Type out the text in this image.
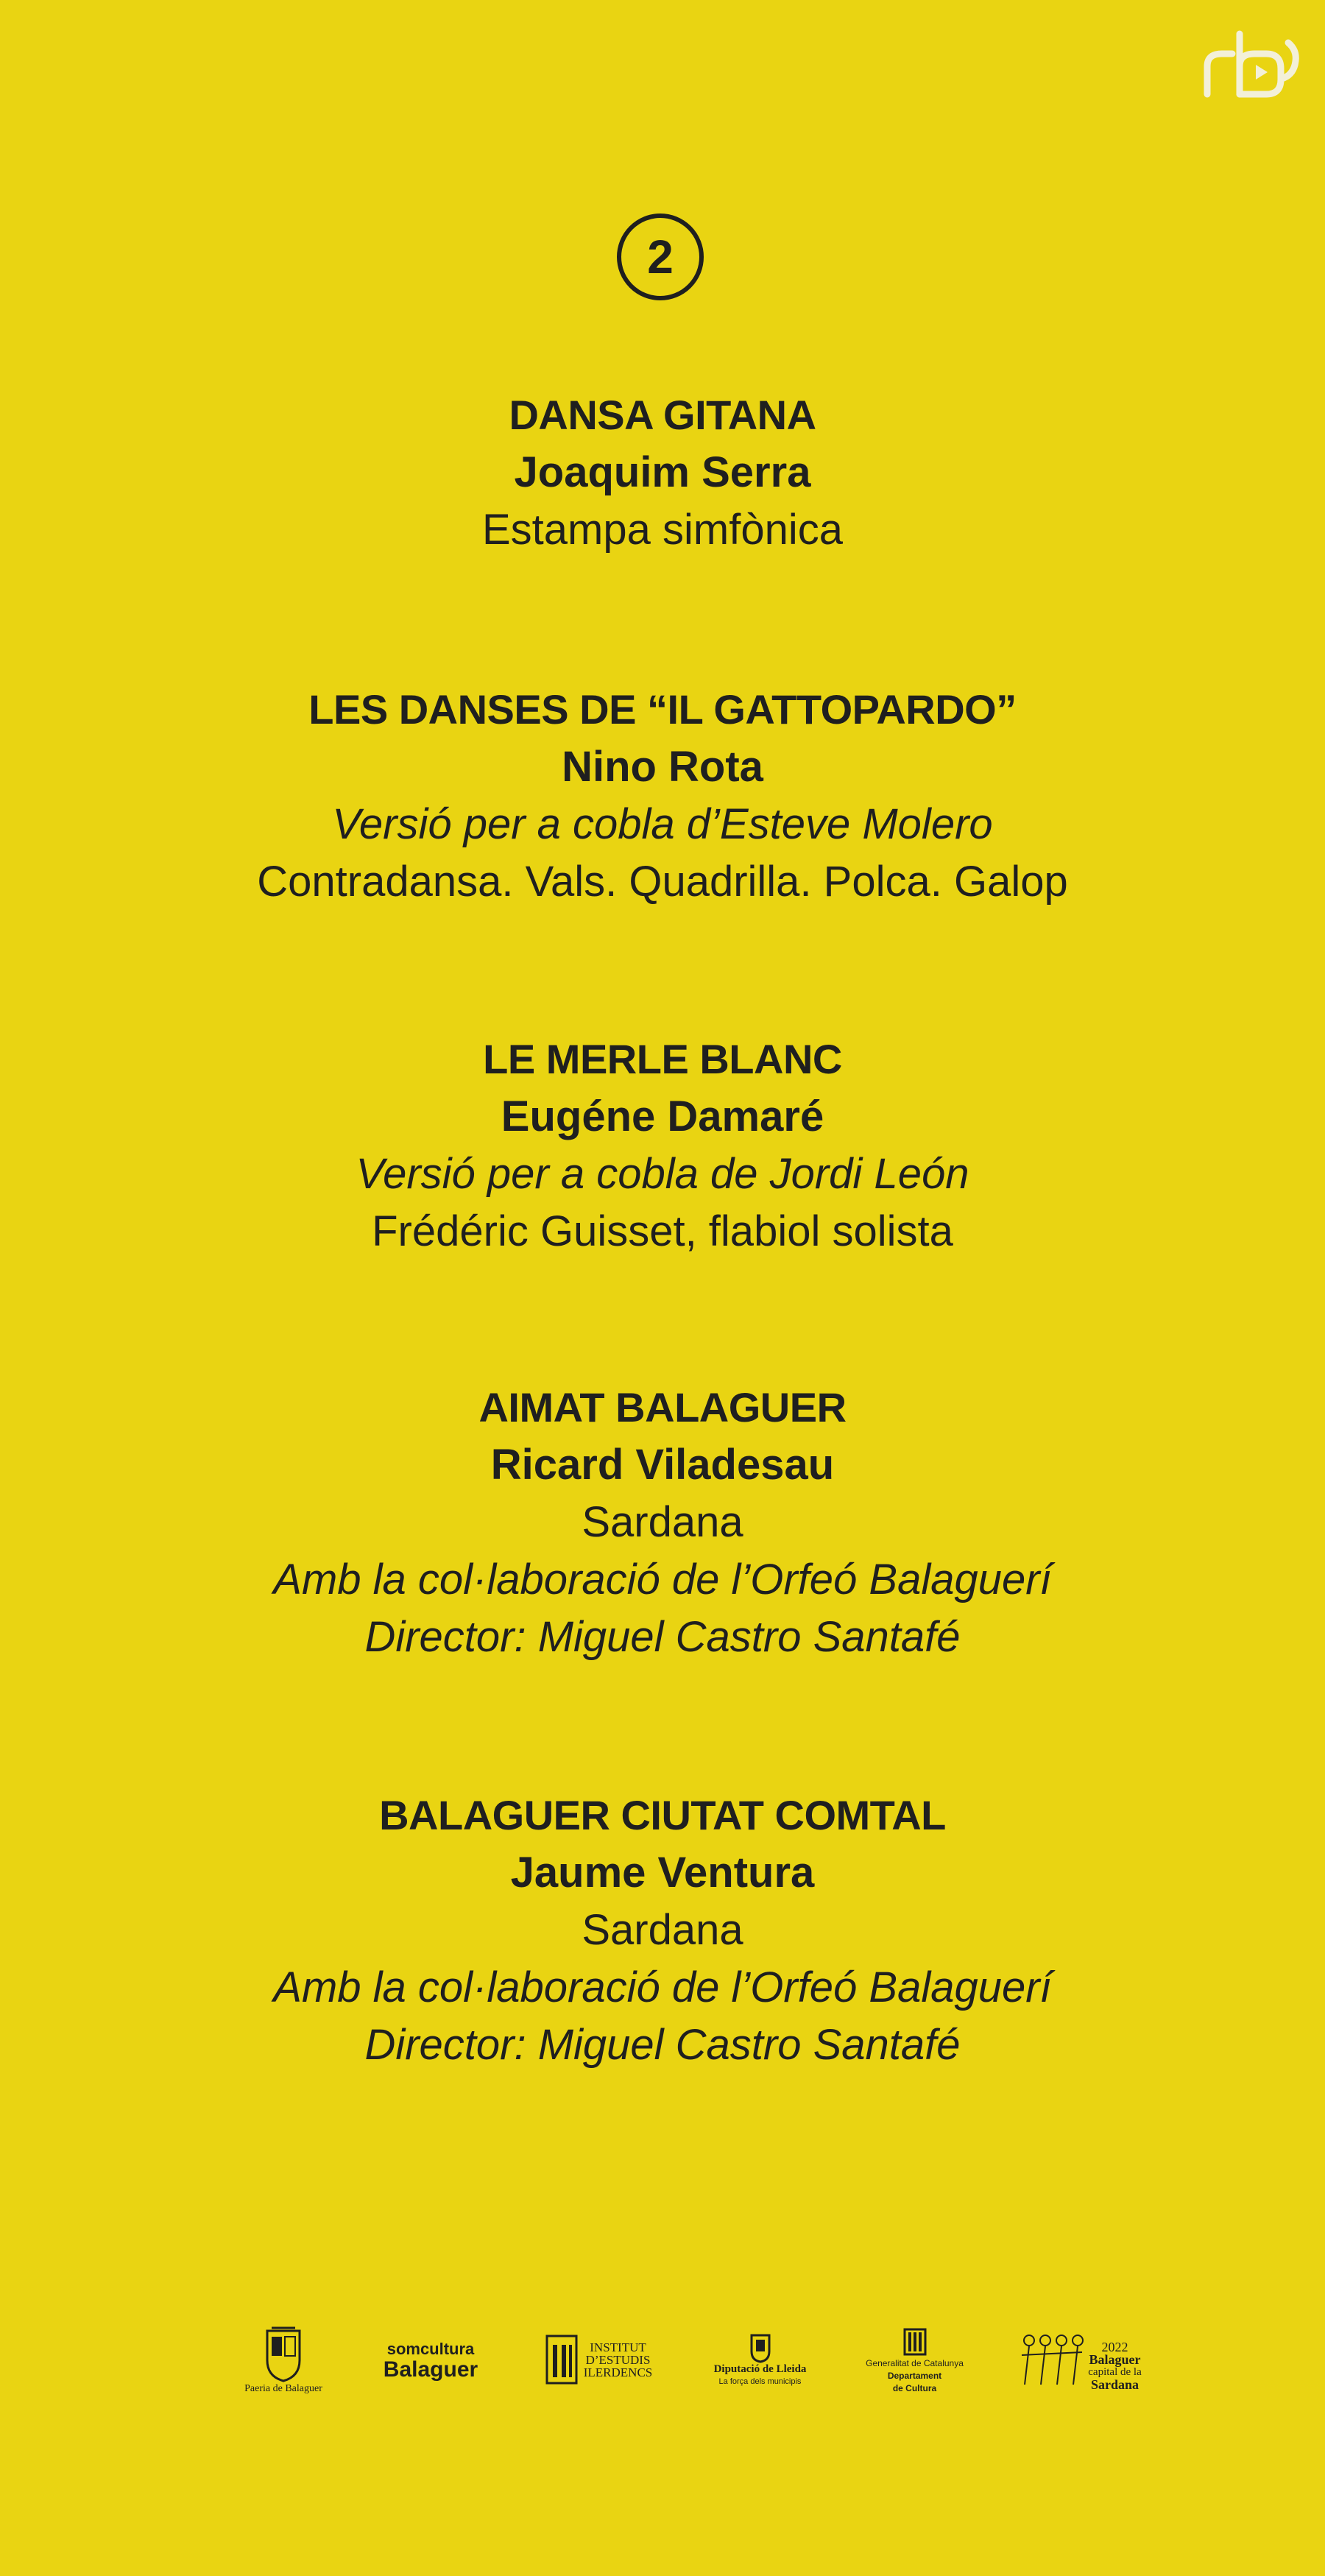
2
DANSA GITANA
Joaquim Serra
Estampa simfònica
LES DANSES DE “IL GATTOPARDO”
Nino Rota
Versió per a cobla d’Esteve Molero
Contradansa. Vals. Quadrilla. Polca. Galop
LE MERLE BLANC
Eugéne Damaré
Versió per a cobla de Jordi León
Frédéric Guisset, flabiol solista
AIMAT BALAGUER
Ricard Viladesau
Sardana
Amb la col·laboració de l’Orfeó Balaguerí
Director: Miguel Castro Santafé
BALAGUER CIUTAT COMTAL
Jaume Ventura
Sardana
Amb la col·laboració de l’Orfeó Balaguerí
Director: Miguel Castro Santafé
Paeria de Balaguer
somcultura
Balaguer
INSTITUT
D’ESTUDIS
ILERDENCS	Diputació de Lleida
La força dels municipis
Generalitat de Catalunya
Departament
de Cultura
2022
Balaguer
capital de la
Sardana
